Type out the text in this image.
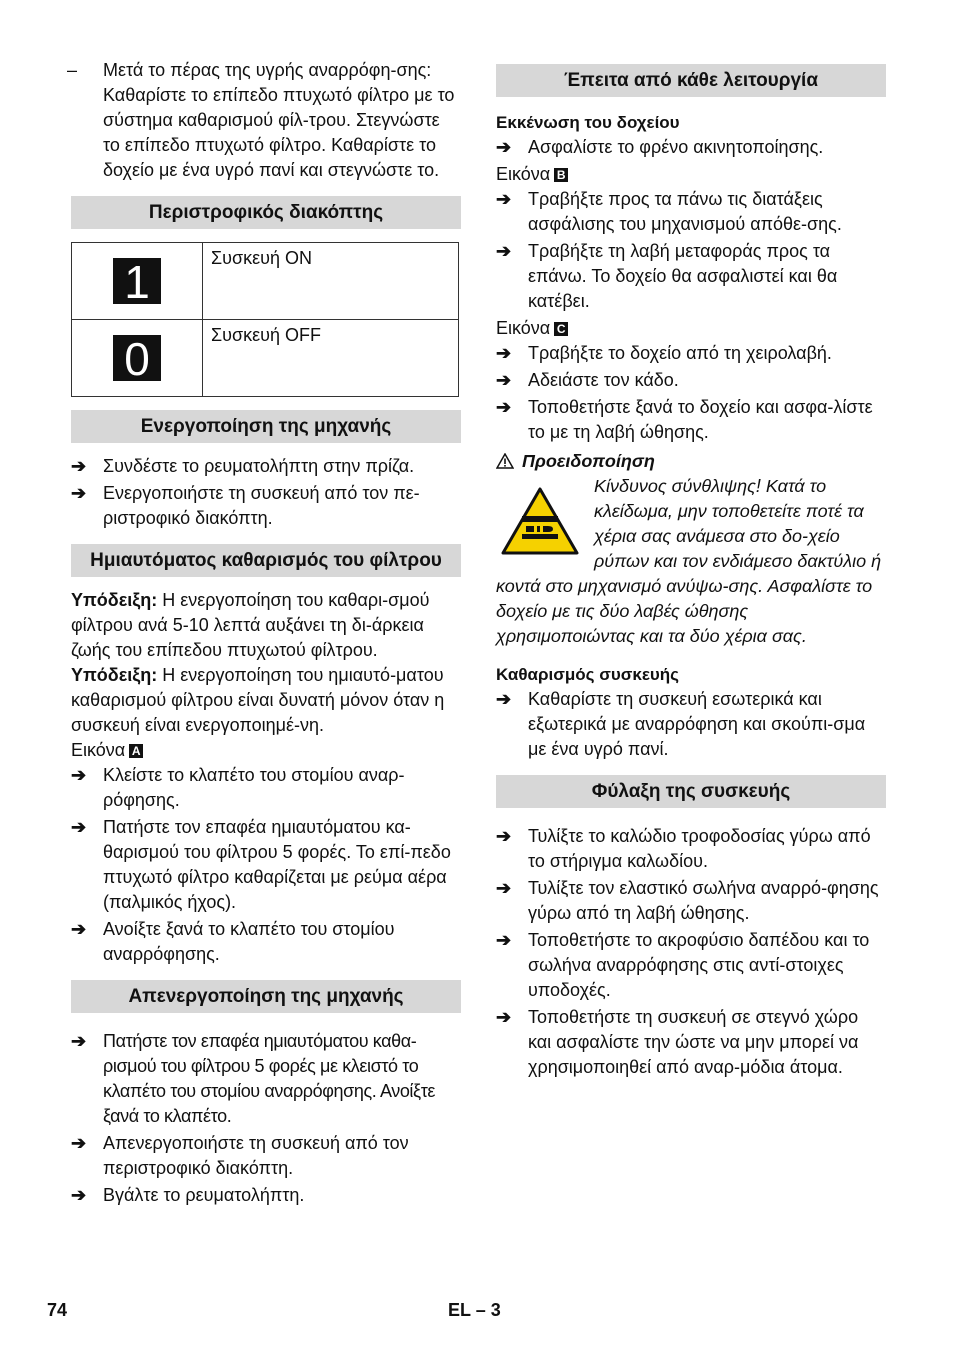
– Μετά το πέρας της υγρής αναρρόφη-σης: Καθαρίστε το επίπεδο πτυχωτό φίλτρο με το σύστημα καθαρισμού φίλ-τρου. Στεγνώστε το επίπεδο πτυχωτό φίλτρο. Καθαρίστε το δοχείο με ένα υγρό πανί και στεγνώστε το.
Περιστροφικός διακόπτης
1	Συσκευή ON
0	Συσκευή OFF
Ενεργοποίηση της μηχανής
➔ Συνδέστε το ρευματολήπτη στην πρίζα.
➔ Ενεργοποιήστε τη συσκευή από τον πε-ριστροφικό διακόπτη.
Ημιαυτόματος καθαρισμός του φίλτρου

Υπόδειξη: Η ενεργοποίηση του καθαρι-σμού φίλτρου ανά 5-10 λεπτά αυξάνει τη δι-άρκεια ζωής του επίπεδου πτυχωτού φίλτρου.

Υπόδειξη: Η ενεργοποίηση του ημιαυτό-ματου καθαρισμού φίλτρου είναι δυνατή μόνον όταν η συσκευή είναι ενεργοποιημέ-νη.

Εικόνα A
➔ Κλείστε το κλαπέτο του στομίου αναρ-ρόφησης.
➔ Πατήστε τον επαφέα ημιαυτόματου κα-θαρισμού του φίλτρου 5 φορές. Το επί-πεδο πτυχωτό φίλτρο καθαρίζεται με ρεύμα αέρα (παλμικός ήχος).
➔ Ανοίξτε ξανά το κλαπέτο του στομίου αναρρόφησης.
Απενεργοποίηση της μηχανής
➔ Πατήστε τον επαφέα ημιαυτόματου καθα-ρισμού του φίλτρου 5 φορές με κλειστό το κλαπέτο του στομίου αναρρόφησης. Ανοίξτε ξανά το κλαπέτο.
➔ Απενεργοποιήστε τη συσκευή από τον περιστροφικό διακόπτη.
➔ Βγάλτε το ρευματολήπτη.
Έπειτα από κάθε λειτουργία
Εκκένωση του δοχείου
➔ Ασφαλίστε το φρένο ακινητοποίησης.
Εικόνα B
➔ Τραβήξτε προς τα πάνω τις διατάξεις ασφάλισης του μηχανισμού απόθε-σης.
➔ Τραβήξτε τη λαβή μεταφοράς προς τα επάνω. Το δοχείο θα ασφαλιστεί και θα κατέβει.
Εικόνα C
➔ Τραβήξτε το δοχείο από τη χειρολαβή.
➔ Αδειάστε τον κάδο.
➔ Τοποθετήστε ξανά το δοχείο και ασφα-λίστε το με τη λαβή ώθησης.
Προειδοποίηση
Κίνδυνος σύνθλιψης! Κατά το κλείδωμα, μην τοποθετείτε ποτέ τα χέρια σας ανάμεσα στο δο-χείο ρύπων και τον ενδιάμεσο δακτύλιο ή κοντά στο μηχανισμό ανύψω-σης. Ασφαλίστε το δοχείο με τις δύο λαβές ώθησης χρησιμοποιώντας και τα δύο χέρια σας.
Καθαρισμός συσκευής
➔ Καθαρίστε τη συσκευή εσωτερικά και εξωτερικά με αναρρόφηση και σκούπι-σμα με ένα υγρό πανί.
Φύλαξη της συσκευής
➔ Τυλίξτε το καλώδιο τροφοδοσίας γύρω από το στήριγμα καλωδίου.
➔ Τυλίξτε τον ελαστικό σωλήνα αναρρό-φησης γύρω από τη λαβή ώθησης.
➔ Τοποθετήστε το ακροφύσιο δαπέδου και το σωλήνα αναρρόφησης στις αντί-στοιχες υποδοχές.
➔ Τοποθετήστε τη συσκευή σε στεγνό χώρο και ασφαλίστε την ώστε να μην μπορεί να χρησιμοποιηθεί από αναρ-μόδια άτομα.
74	EL – 3
